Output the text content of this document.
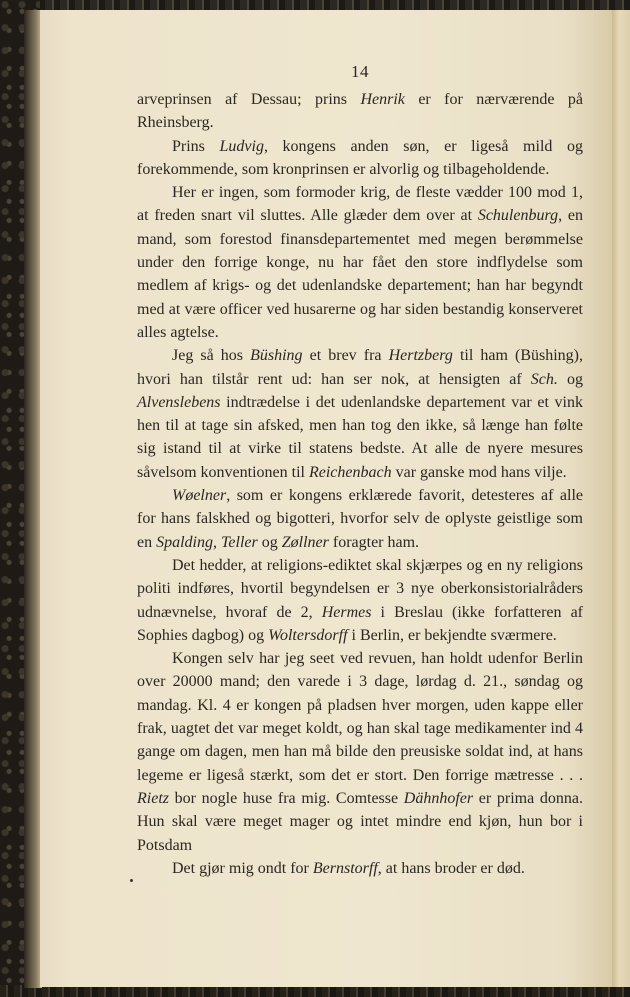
14

arveprinsen af Dessau; prins Henrik er for nærværende på Rheinsberg.

Prins Ludvig, kongens anden søn, er ligeså mild og forekommende, som kronprinsen er alvorlig og tilbageholdende.

Her er ingen, som formoder krig, de fleste vædder 100 mod 1, at freden snart vil sluttes. Alle glæder dem over at Schulenburg, en mand, som forestod finansdepartementet med megen berømmelse under den forrige konge, nu har fået den store indflydelse som medlem af krigs- og det udenlandske departement; han har begyndt med at være officer ved husarerne og har siden bestandig konserveret alles agtelse.

Jeg så hos Büshing et brev fra Hertzberg til ham (Büshing), hvori han tilstår rent ud: han ser nok, at hensigten af Sch. og Alvenslebens indtrædelse i det udenlandske departement var et vink hen til at tage sin afsked, men han tog den ikke, så længe han følte sig istand til at virke til statens bedste. At alle de nyere mesures såvelsom konventionen til Reichenbach var ganske mod hans vilje.

Wøelner, som er kongens erklærede favorit, detesteres af alle for hans falskhed og bigotteri, hvorfor selv de oplyste geistlige som en Spalding, Teller og Zøllner foragter ham.

Det hedder, at religions-ediktet skal skjærpes og en ny religions politi indføres, hvortil begyndelsen er 3 nye oberkonsistorialråders udnævnelse, hvoraf de 2, Hermes i Breslau (ikke forfatteren af Sophies dagbog) og Woltersdorff i Berlin, er bekjendte sværmere.

Kongen selv har jeg seet ved revuen, han holdt udenfor Berlin over 20000 mand; den varede i 3 dage, lørdag d. 21., søndag og mandag. Kl. 4 er kongen på pladsen hver morgen, uden kappe eller frak, uagtet det var meget koldt, og han skal tage medikamenter ind 4 gange om dagen, men han må bilde den preusiske soldat ind, at hans legeme er ligeså stærkt, som det er stort. Den forrige mætresse . . . Rietz bor nogle huse fra mig. Comtesse Dähnhofer er prima donna. Hun skal være meget mager og intet mindre end kjøn, hun bor i Potsdam

Det gjør mig ondt for Bernstorff, at hans broder er død.
